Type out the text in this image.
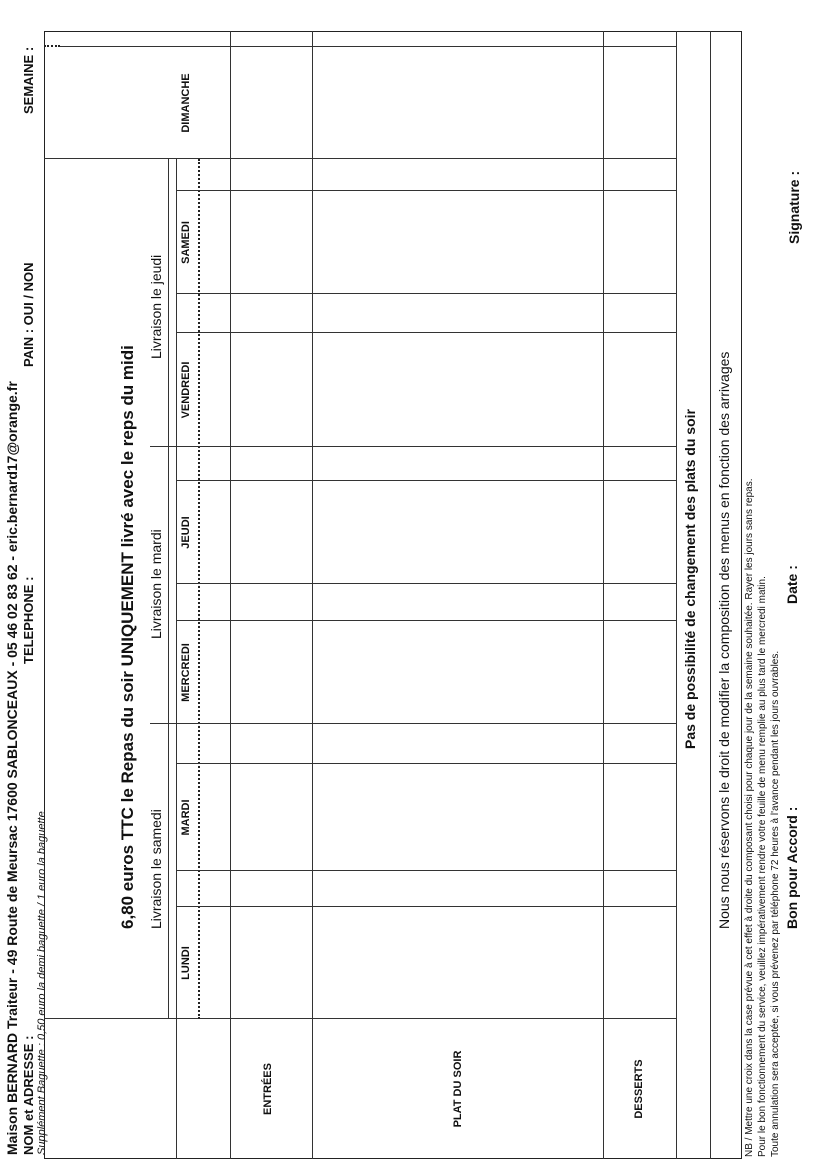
Maison BERNARD Traiteur - 49 Route de Meursac 17600 SABLONCEAUX - 05 46 02 83 62 - eric.bernard17@orange.fr NOM et ADRESSE :
TELEPHONE :
PAIN : OUI / NON
SEMAINE :
Supplément Baguette : 0,50 euro la demi baguette / 1 euro la baguette
6,80 euros TTC le Repas du soir UNIQUEMENT livré avec le reps du midi Livraison le samedi
Livraison le mardi
Livraison le jeudi
LUNDI
MARDI
MERCREDI
JEUDI
VENDREDI
SAMEDI
DIMANCHE
ENTRÉES	PLAT DU SOIR	DESSERTS
Pas de possibilité de changement des plats du soir Nous nous réservons le droit de modifier la composition des menus en fonction des arrivages NB / Mettre une croix dans la case prévue à cet effet à droite du composant choisi pour chaque jour de la semaine souhaitée. Rayer les jours sans repas. Pour le bon fonctionnement du service, veuillez impérativement rendre votre feuille de menu remplie au plus tard le mercredi matin. Toute annulation sera acceptée, si vous prévenez par téléphone 72 heures à l'avance pendant les jours ouvrables. Bon pour Accord :
Date :
Signature :
